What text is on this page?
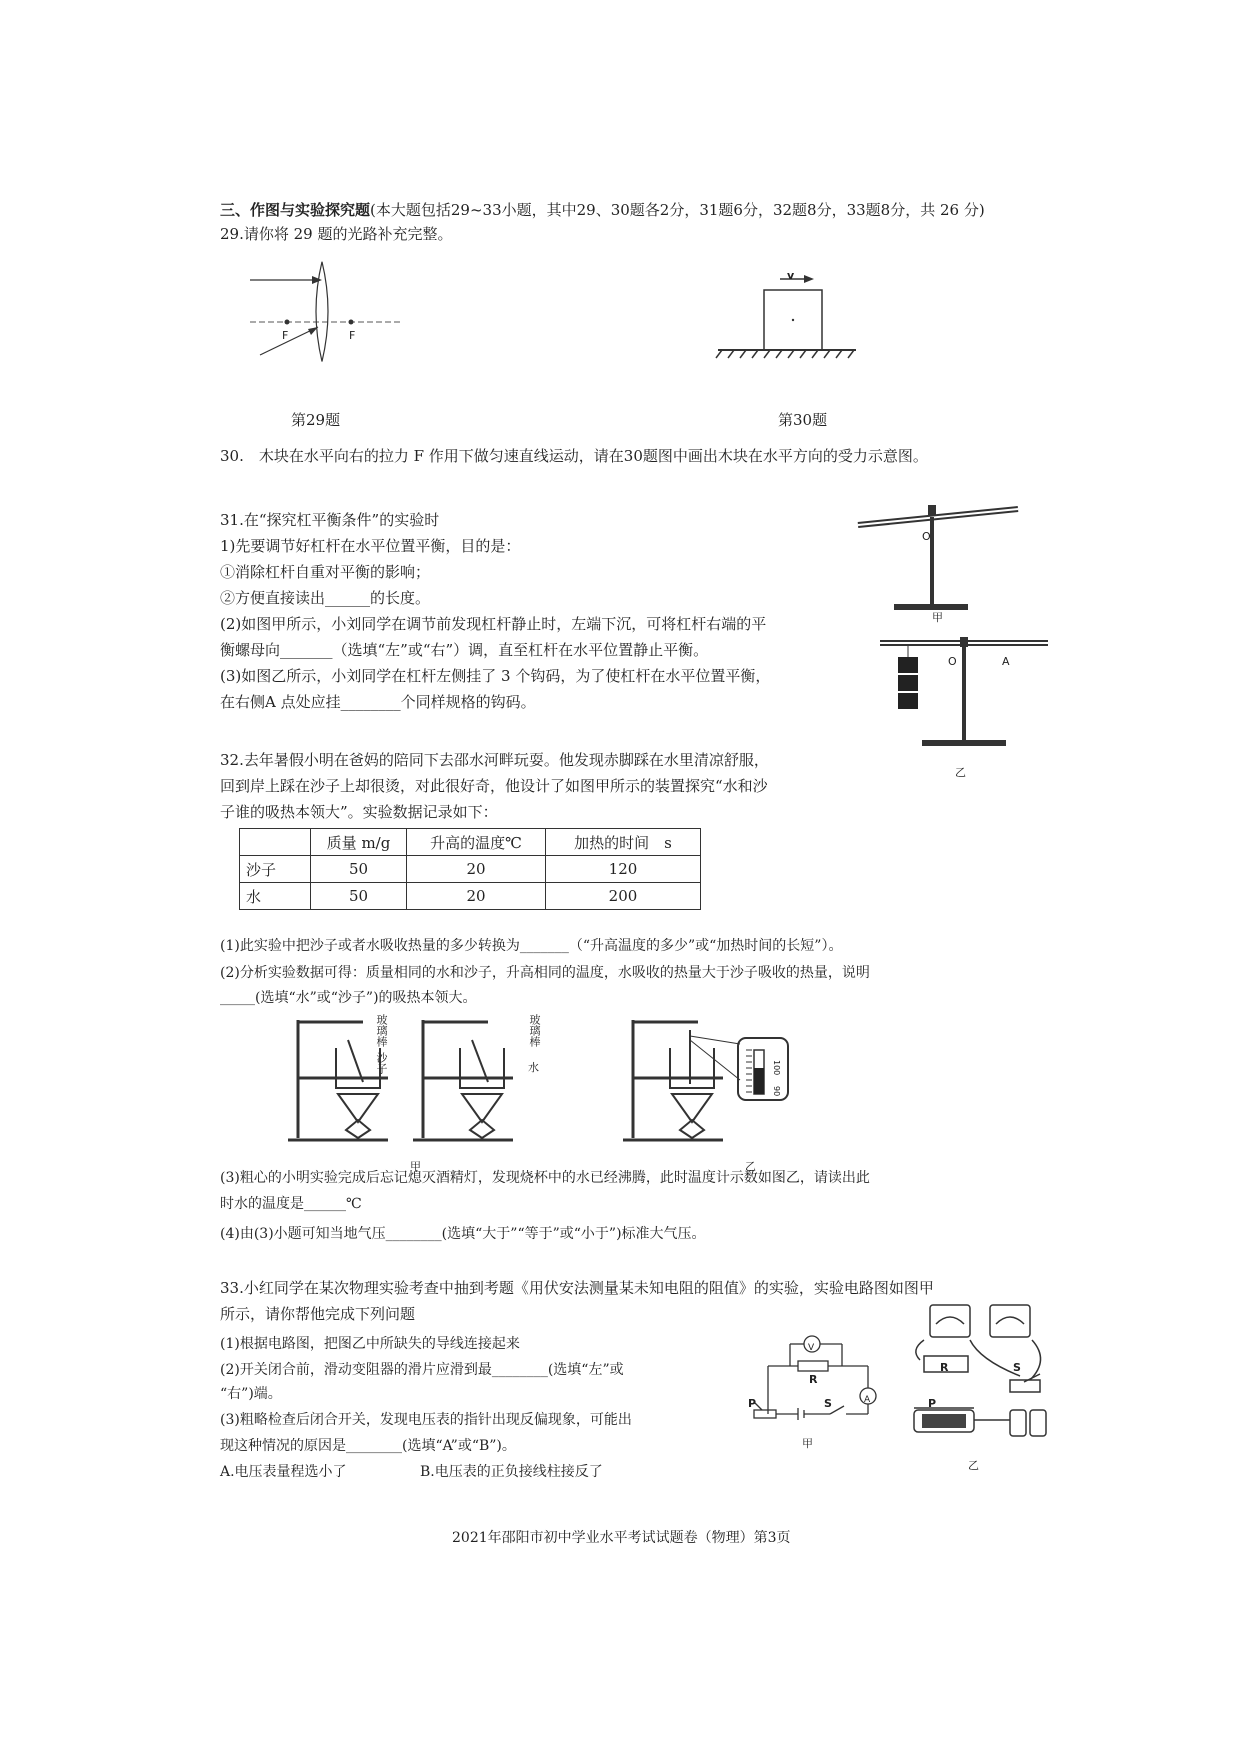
三、作图与实验探究题(本大题包括29~33小题，其中29、30题各2分，31题6分，32题8分，33题8分，共 26 分)
29.请你将 29 题的光路补充完整。
F	F
v
第29题	第30题
30.　木块在水平向右的拉力 F 作用下做匀速直线运动，请在30题图中画出木块在水平方向的受力示意图。
31.在“探究杠平衡条件”的实验时
1)先要调节好杠杆在水平位置平衡，目的是：
①消除杠杆自重对平衡的影响；
②方便直接读出______的长度。
(2)如图甲所示，小刘同学在调节前发现杠杆静止时，左端下沉，可将杠杆右端的平
衡螺母向_______（选填“左”或“右”）调，直至杠杆在水平位置静止平衡。
(3)如图乙所示，小刘同学在杠杆左侧挂了 3 个钩码，为了使杠杆在水平位置平衡，
在右侧A 点处应挂________个同样规格的钩码。
O
甲
O	A
乙
32.去年暑假小明在爸妈的陪同下去邵水河畔玩耍。他发现赤脚踩在水里清凉舒服，
回到岸上踩在沙子上却很烫，对此很好奇，他设计了如图甲所示的装置探究“水和沙
子谁的吸热本领大”。实验数据记录如下：
	质量 m/g	升高的温度℃	加热的时间　s
沙子	50	20	120
水	50	20	200
(1)此实验中把沙子或者水吸收热量的多少转换为_______（“升高温度的多少”或“加热时间的长短”）。
(2)分析实验数据可得：质量相同的水和沙子，升高相同的温度，水吸收的热量大于沙子吸收的热量，说明
_____(选填“水”或“沙子”)的吸热本领大。
玻璃棒
沙子
玻璃棒
水	100
90
甲	乙
(3)粗心的小明实验完成后忘记熄灭酒精灯，发现烧杯中的水已经沸腾，此时温度计示数如图乙，请读出此
时水的温度是______℃
(4)由(3)小题可知当地气压________(选填“大于”“等于”或“小于”)标准大气压。
33.小红同学在某次物理实验考查中抽到考题《用伏安法测量某未知电阻的阻值》的实验，实验电路图如图甲
所示，请你帮他完成下列问题
(1)根据电路图，把图乙中所缺失的导线连接起来
(2)开关闭合前，滑动变阻器的滑片应滑到最________(选填“左”或
“右”)端。
(3)粗略检查后闭合开关，发现电压表的指针出现反偏现象，可能出
现这种情况的原因是________(选填“A”或“B”)。
A.电压表量程选小了	B.电压表的正负接线柱接反了
V
R
A
S
P
甲
R	S
P
乙
2021年邵阳市初中学业水平考试试题卷（物理）第3页
